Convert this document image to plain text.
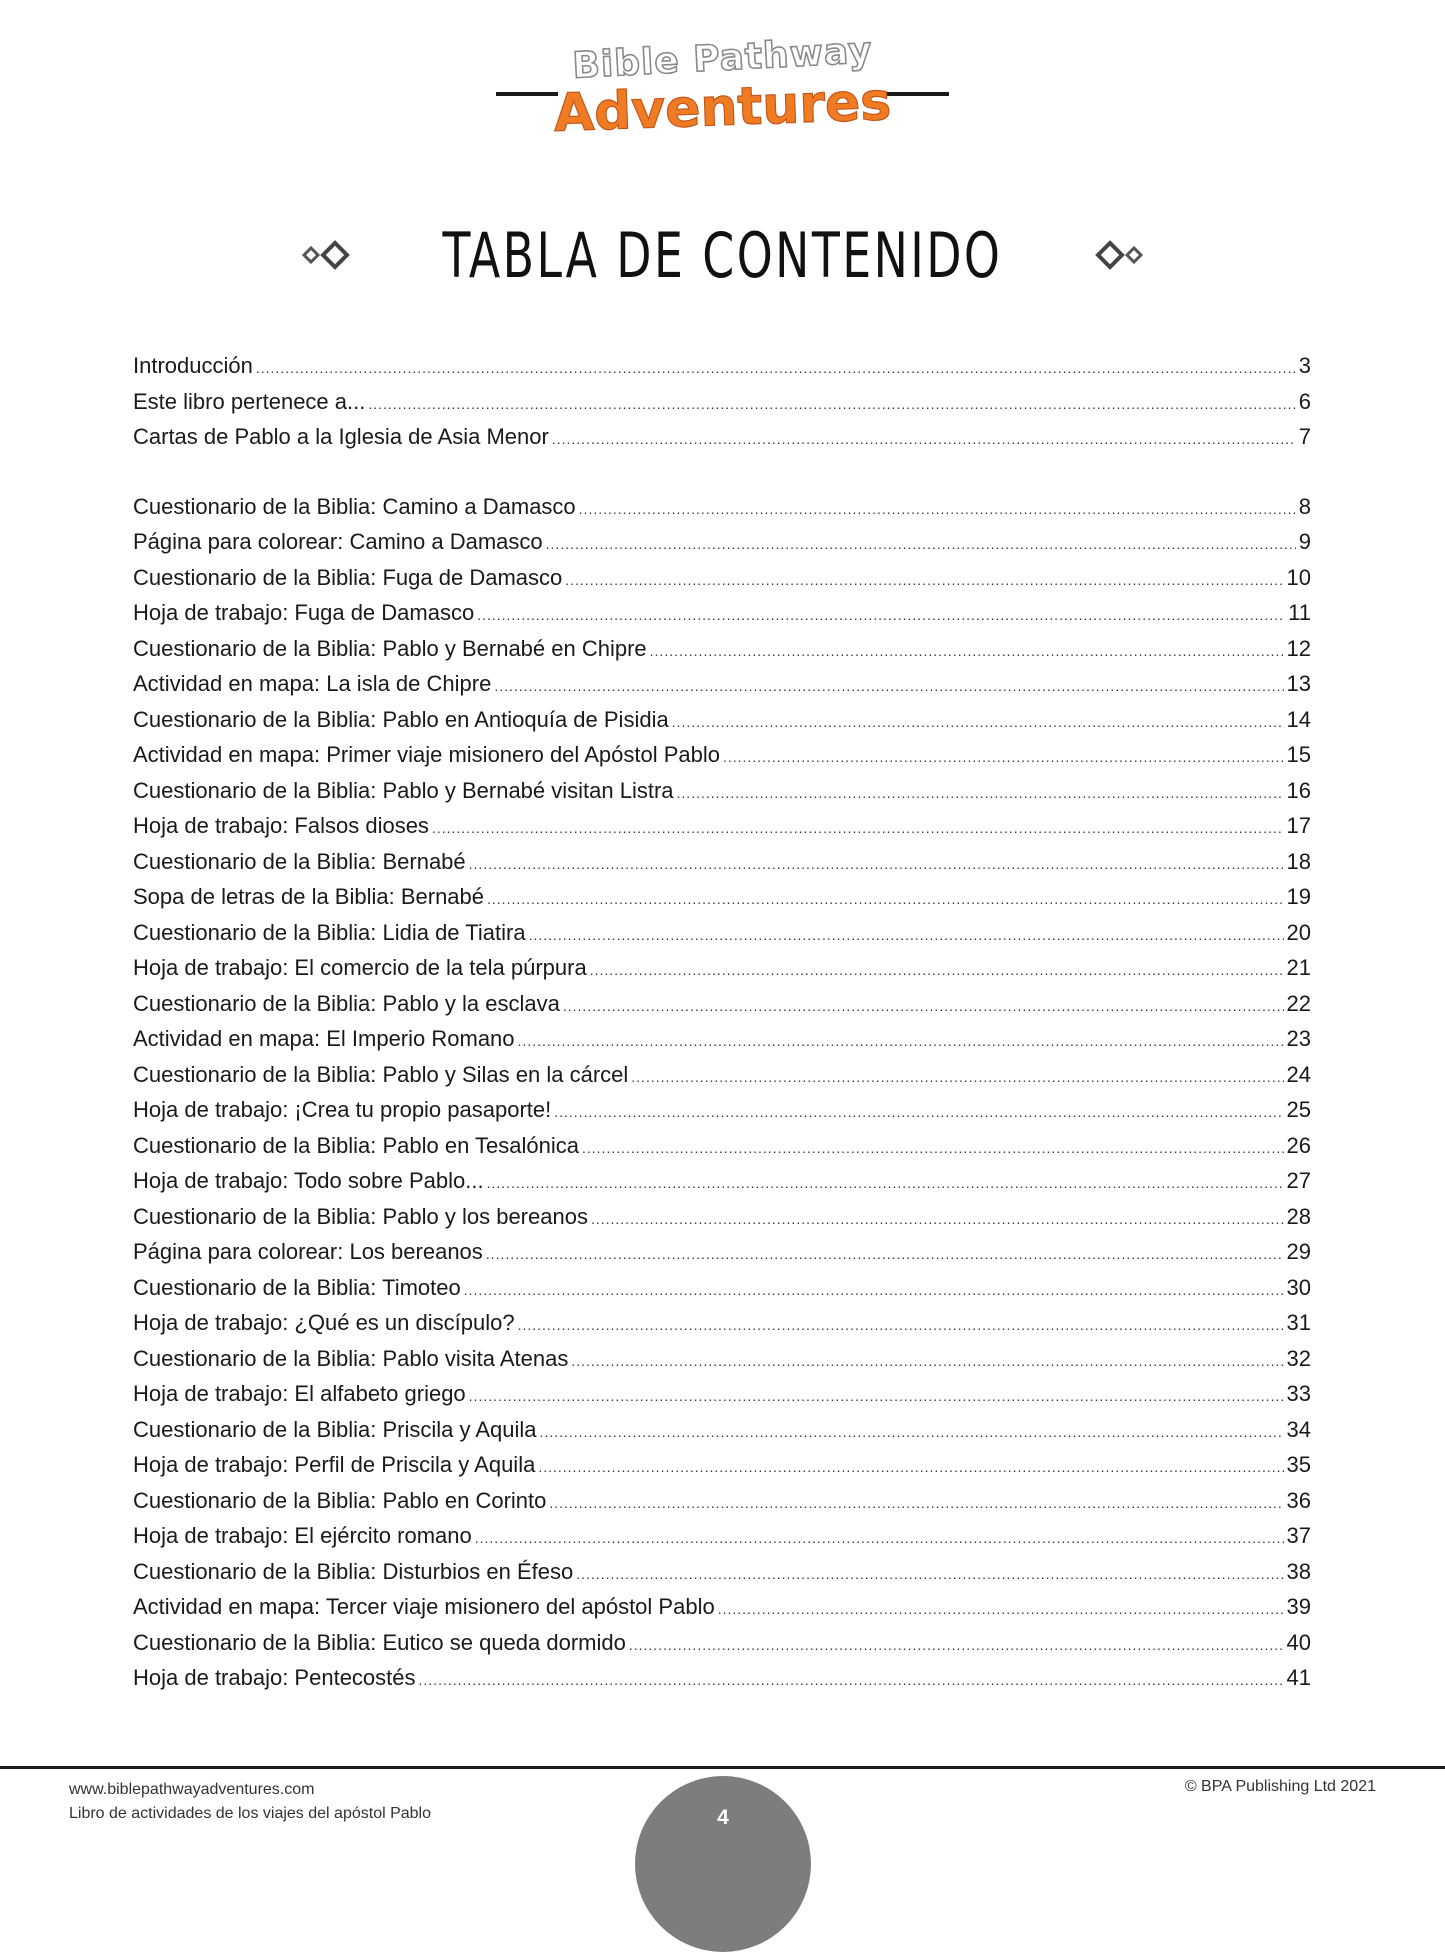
Bible Pathway
Adventures
TABLA DE CONTENIDO
Introducción .....	3
Este libro pertenece a... .....	6
Cartas de Pablo a la Iglesia de Asia Menor .....	7
Cuestionario de la Biblia: Camino a Damasco .....	8
Página para colorear: Camino a Damasco .....	9
Cuestionario de la Biblia: Fuga de Damasco .....	10
Hoja de trabajo: Fuga de Damasco .....	11
Cuestionario de la Biblia: Pablo y Bernabé en Chipre .....	12
Actividad en mapa: La isla de Chipre .....	13
Cuestionario de la Biblia: Pablo en Antioquía de Pisidia .....	14
Actividad en mapa: Primer viaje misionero del Apóstol Pablo .....	15
Cuestionario de la Biblia: Pablo y Bernabé visitan Listra .....	16
Hoja de trabajo: Falsos dioses .....	17
Cuestionario de la Biblia: Bernabé .....	18
Sopa de letras de la Biblia: Bernabé .....	19
Cuestionario de la Biblia: Lidia de Tiatira .....	20
Hoja de trabajo: El comercio de la tela púrpura .....	21
Cuestionario de la Biblia: Pablo y la esclava .....	22
Actividad en mapa: El Imperio Romano .....	23
Cuestionario de la Biblia: Pablo y Silas en la cárcel .....	24
Hoja de trabajo: ¡Crea tu propio pasaporte! .....	25
Cuestionario de la Biblia: Pablo en Tesalónica .....	26
Hoja de trabajo: Todo sobre Pablo... .....	27
Cuestionario de la Biblia: Pablo y los bereanos .....	28
Página para colorear: Los bereanos .....	29
Cuestionario de la Biblia: Timoteo .....	30
Hoja de trabajo: ¿Qué es un discípulo? .....	31
Cuestionario de la Biblia: Pablo visita Atenas .....	32
Hoja de trabajo: El alfabeto griego .....	33
Cuestionario de la Biblia: Priscila y Aquila .....	34
Hoja de trabajo: Perfil de Priscila y Aquila .....	35
Cuestionario de la Biblia: Pablo en Corinto .....	36
Hoja de trabajo: El ejército romano .....	37
Cuestionario de la Biblia: Disturbios en Éfeso .....	38
Actividad en mapa: Tercer viaje misionero del apóstol Pablo .....	39
Cuestionario de la Biblia: Eutico se queda dormido .....	40
Hoja de trabajo: Pentecostés .....	41
www.biblepathwayadventures.com
Libro de actividades de los viajes del apóstol Pablo
© BPA Publishing Ltd 2021
4
